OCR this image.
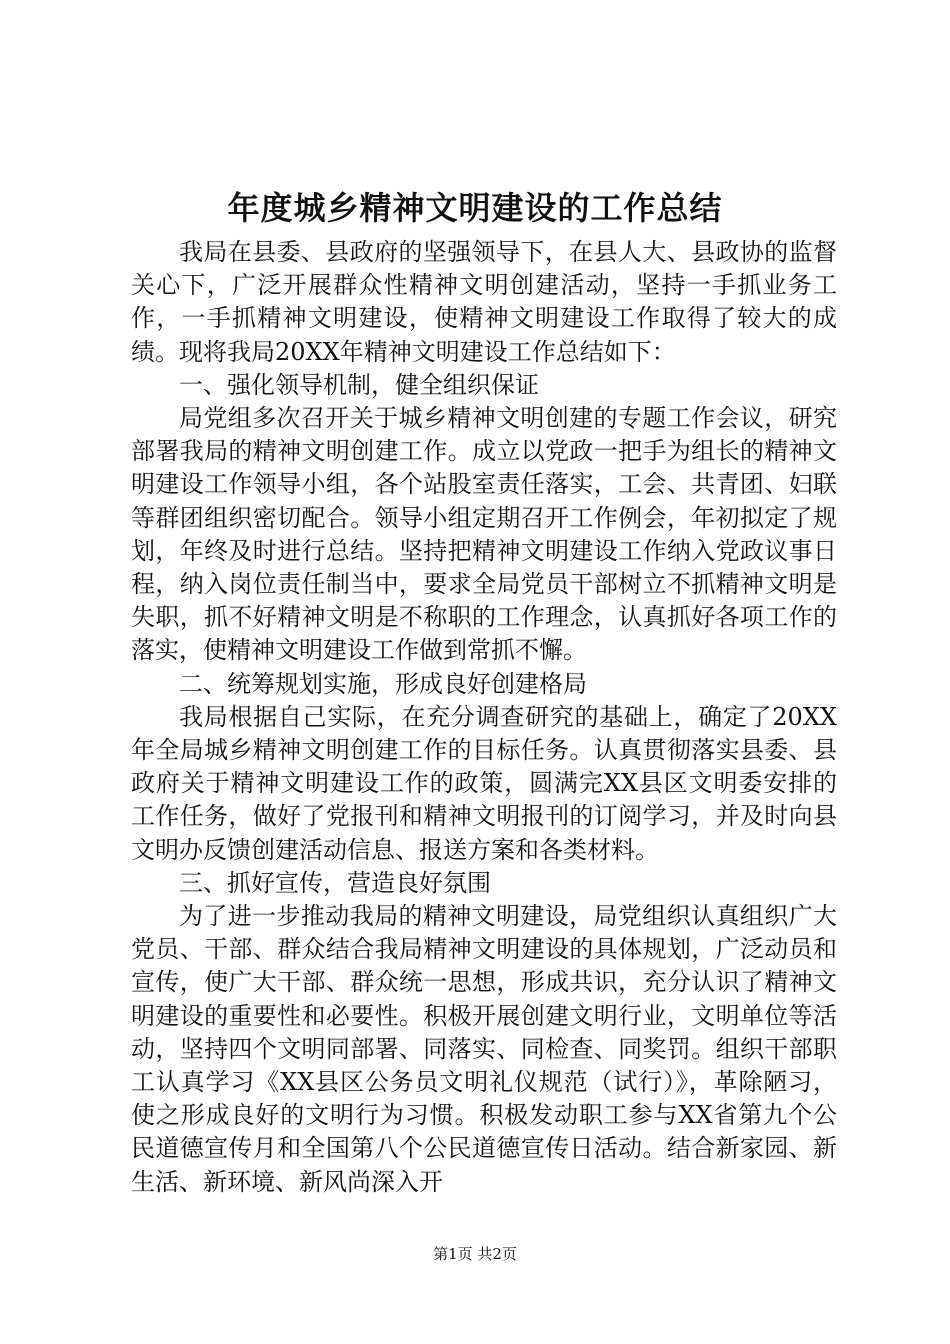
年度城乡精神文明建设的工作总结

我局在县委、县政府的坚强领导下，在县人大、县政协的监督关心下，广泛开展群众性精神文明创建活动，坚持一手抓业务工作，一手抓精神文明建设，使精神文明建设工作取得了较大的成绩。现将我局20XX年精神文明建设工作总结如下：

一、强化领导机制，健全组织保证

局党组多次召开关于城乡精神文明创建的专题工作会议，研究部署我局的精神文明创建工作。成立以党政一把手为组长的精神文明建设工作领导小组，各个站股室责任落实，工会、共青团、妇联等群团组织密切配合。领导小组定期召开工作例会，年初拟定了规划，年终及时进行总结。坚持把精神文明建设工作纳入党政议事日程，纳入岗位责任制当中，要求全局党员干部树立不抓精神文明是失职，抓不好精神文明是不称职的工作理念，认真抓好各项工作的落实，使精神文明建设工作做到常抓不懈。

二、统筹规划实施，形成良好创建格局

我局根据自己实际，在充分调查研究的基础上，确定了20XX年全局城乡精神文明创建工作的目标任务。认真贯彻落实县委、县政府关于精神文明建设工作的政策，圆满完XX县区文明委安排的工作任务，做好了党报刊和精神文明报刊的订阅学习，并及时向县文明办反馈创建活动信息、报送方案和各类材料。

三、抓好宣传，营造良好氛围

为了进一步推动我局的精神文明建设，局党组织认真组织广大党员、干部、群众结合我局精神文明建设的具体规划，广泛动员和宣传，使广大干部、群众统一思想，形成共识，充分认识了精神文明建设的重要性和必要性。积极开展创建文明行业，文明单位等活动，坚持四个文明同部署、同落实、同检查、同奖罚。组织干部职工认真学习《XX县区公务员文明礼仪规范（试行）》，革除陋习，使之形成良好的文明行为习惯。积极发动职工参与XX省第九个公民道德宣传月和全国第八个公民道德宣传日活动。结合新家园、新生活、新环境、新风尚深入开

第1页 共2页
